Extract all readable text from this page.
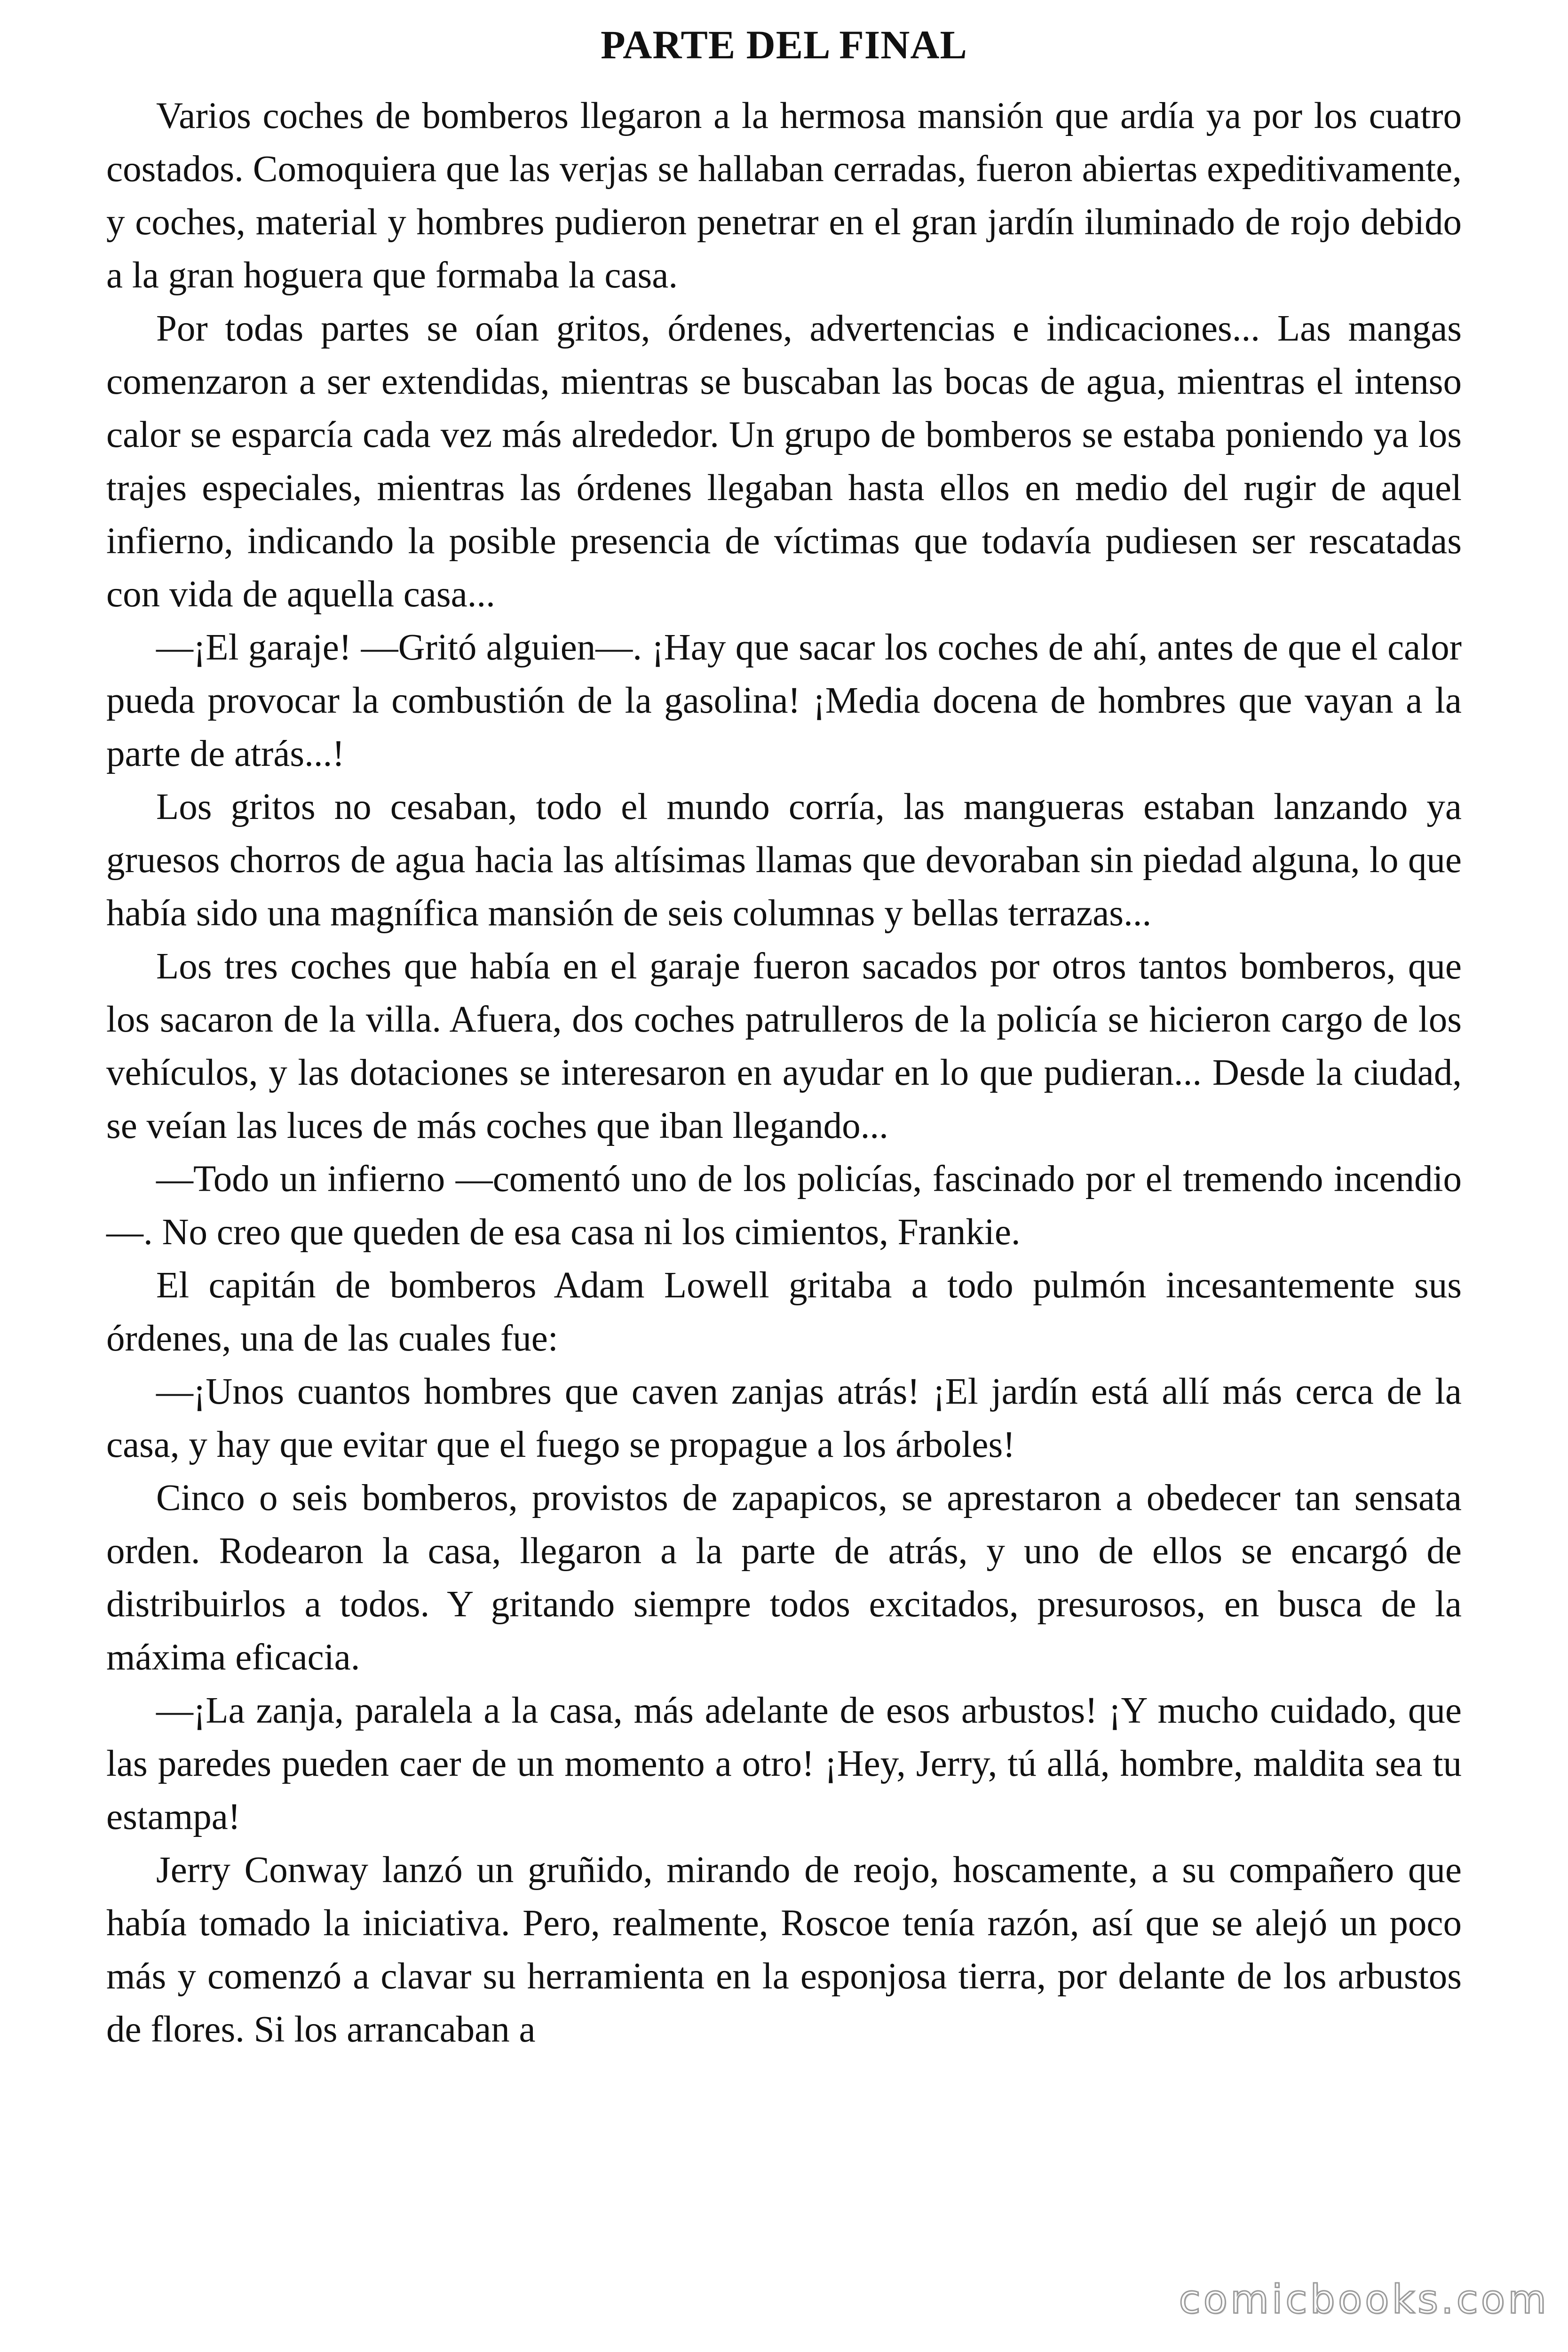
PARTE DEL FINAL

Varios coches de bomberos llegaron a la hermosa mansión que ardía ya por los cuatro costados. Comoquiera que las verjas se hallaban cerradas, fueron abiertas expeditivamente, y coches, material y hombres pudieron penetrar en el gran jardín iluminado de rojo debido a la gran hoguera que formaba la casa.

Por todas partes se oían gritos, órdenes, advertencias e indicaciones... Las mangas comenzaron a ser extendidas, mientras se buscaban las bocas de agua, mientras el intenso calor se esparcía cada vez más alrededor. Un grupo de bomberos se estaba poniendo ya los trajes especiales, mientras las órdenes llegaban hasta ellos en medio del rugir de aquel infierno, indicando la posible presencia de víctimas que todavía pudiesen ser rescatadas con vida de aquella casa...

—¡El garaje! —Gritó alguien—. ¡Hay que sacar los coches de ahí, antes de que el calor pueda provocar la combustión de la gasolina! ¡Media docena de hombres que vayan a la parte de atrás...!

Los gritos no cesaban, todo el mundo corría, las mangueras estaban lanzando ya gruesos chorros de agua hacia las altísimas llamas que devoraban sin piedad alguna, lo que había sido una magnífica mansión de seis columnas y bellas terrazas...

Los tres coches que había en el garaje fueron sacados por otros tantos bomberos, que los sacaron de la villa. Afuera, dos coches patrulleros de la policía se hicieron cargo de los vehículos, y las dotaciones se interesaron en ayudar en lo que pudieran... Desde la ciudad, se veían las luces de más coches que iban llegando...

—Todo un infierno —comentó uno de los policías, fascinado por el tremendo incendio—. No creo que queden de esa casa ni los cimientos, Frankie.

El capitán de bomberos Adam Lowell gritaba a todo pulmón incesantemente sus órdenes, una de las cuales fue:

—¡Unos cuantos hombres que caven zanjas atrás! ¡El jardín está allí más cerca de la casa, y hay que evitar que el fuego se propague a los árboles!

Cinco o seis bomberos, provistos de zapapicos, se aprestaron a obedecer tan sensata orden. Rodearon la casa, llegaron a la parte de atrás, y uno de ellos se encargó de distribuirlos a todos. Y gritando siempre todos excitados, presurosos, en busca de la máxima eficacia.

—¡La zanja, paralela a la casa, más adelante de esos arbustos! ¡Y mucho cuidado, que las paredes pueden caer de un momento a otro! ¡Hey, Jerry, tú allá, hombre, maldita sea tu estampa!

Jerry Conway lanzó un gruñido, mirando de reojo, hoscamente, a su compañero que había tomado la iniciativa. Pero, realmente, Roscoe tenía razón, así que se alejó un poco más y comenzó a clavar su herramienta en la esponjosa tierra, por delante de los arbustos de flores. Si los arrancaban a

comicbooks.com
